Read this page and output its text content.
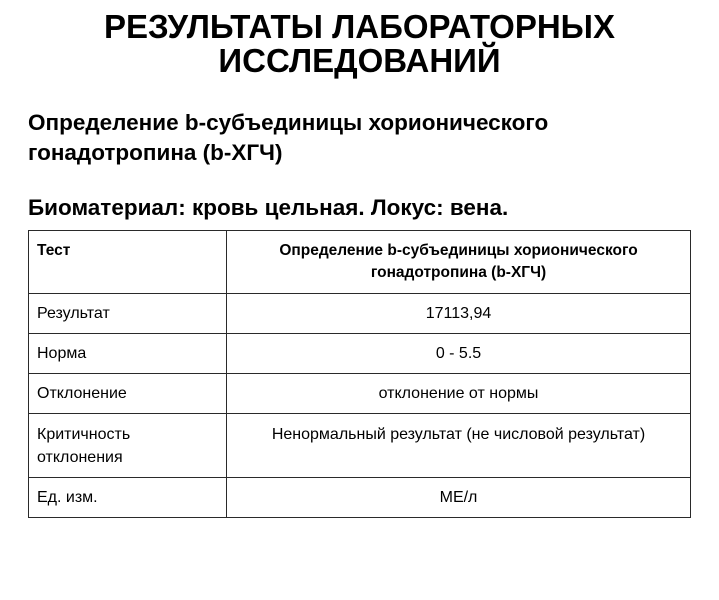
РЕЗУЛЬТАТЫ ЛАБОРАТОРНЫХ
ИССЛЕДОВАНИЙ
Определение b-субъединицы хорионического гонадотропина (b-ХГЧ)
Биоматериал: кровь цельная. Локус: вена.
Тест	Определение b-субъединицы хорионического гонадотропина (b-ХГЧ)
Результат	17113,94
Норма	0 - 5.5
Отклонение	отклонение от нормы
Критичность отклонения	Ненормальный результат (не числовой результат)
Ед. изм.	МЕ/л
